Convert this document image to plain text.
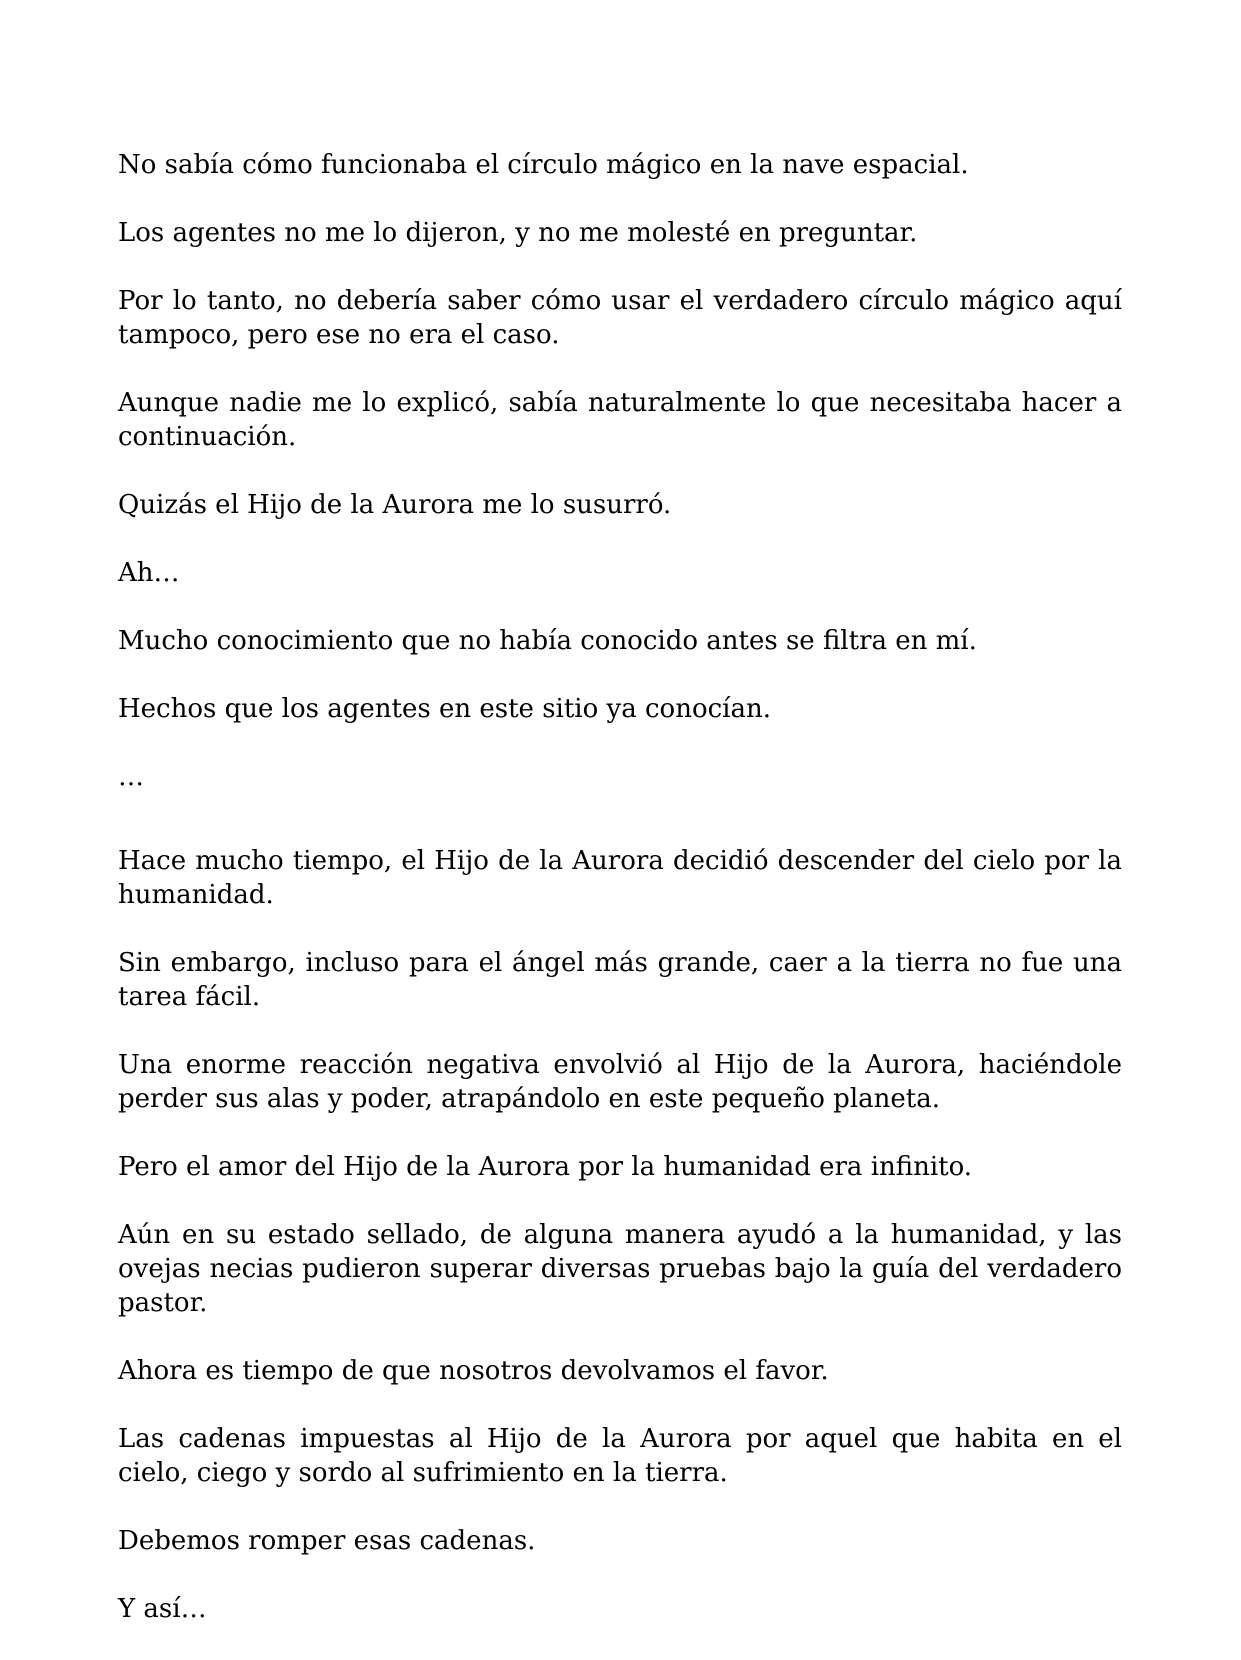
No sabía cómo funcionaba el círculo mágico en la nave espacial.

Los agentes no me lo dijeron, y no me molesté en preguntar.

Por lo tanto, no debería saber cómo usar el verdadero círculo mágico aquí tampoco, pero ese no era el caso.

Aunque nadie me lo explicó, sabía naturalmente lo que necesitaba hacer a continuación.

Quizás el Hijo de la Aurora me lo susurró.

Ah…

Mucho conocimiento que no había conocido antes se filtra en mí.

Hechos que los agentes en este sitio ya conocían.

…

Hace mucho tiempo, el Hijo de la Aurora decidió descender del cielo por la humanidad.

Sin embargo, incluso para el ángel más grande, caer a la tierra no fue una tarea fácil.

Una enorme reacción negativa envolvió al Hijo de la Aurora, haciéndole perder sus alas y poder, atrapándolo en este pequeño planeta.

Pero el amor del Hijo de la Aurora por la humanidad era infinito.

Aún en su estado sellado, de alguna manera ayudó a la humanidad, y las ovejas necias pudieron superar diversas pruebas bajo la guía del verdadero pastor.

Ahora es tiempo de que nosotros devolvamos el favor.

Las cadenas impuestas al Hijo de la Aurora por aquel que habita en el cielo, ciego y sordo al sufrimiento en la tierra.

Debemos romper esas cadenas.

Y así…
